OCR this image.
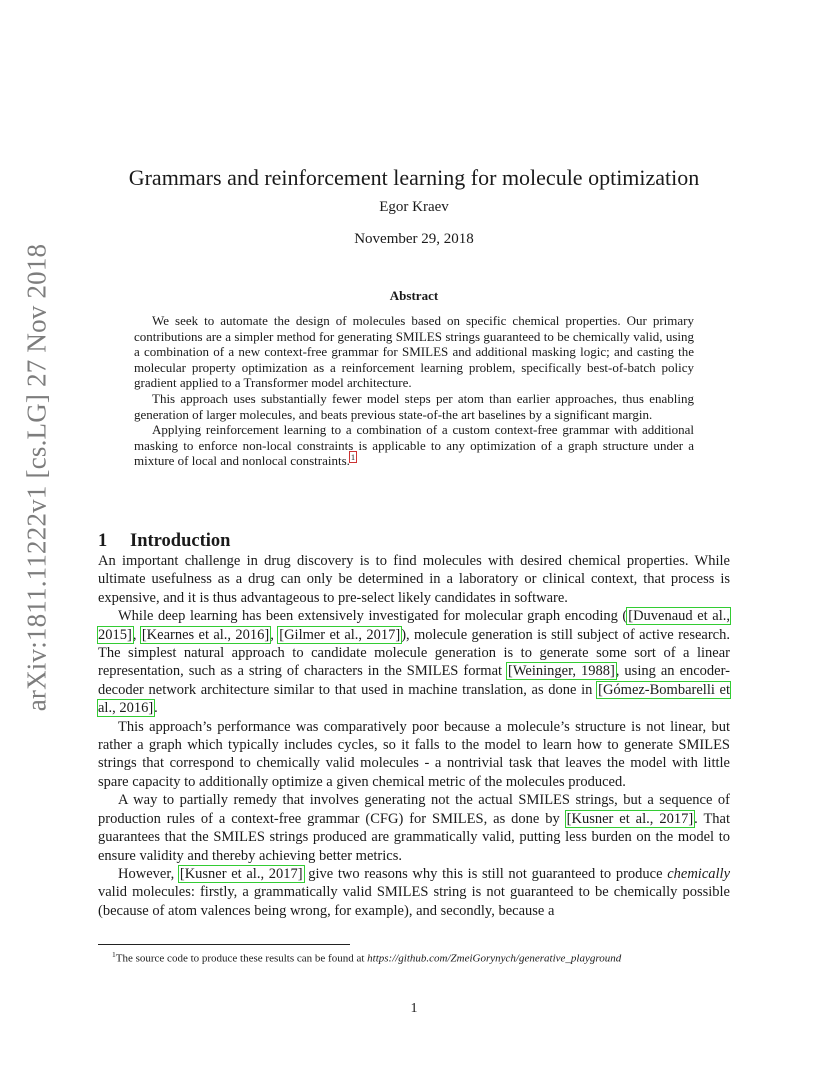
arXiv:1811.11222v1 [cs.LG] 27 Nov 2018
Grammars and reinforcement learning for molecule optimization
Egor Kraev
November 29, 2018
Abstract

We seek to automate the design of molecules based on specific chemical properties. Our primary contributions are a simpler method for generating SMILES strings guaranteed to be chemically valid, using a combination of a new context-free grammar for SMILES and additional masking logic; and casting the molecular property optimization as a reinforcement learning problem, specifically best-of-batch policy gradient applied to a Transformer model architecture.

This approach uses substantially fewer model steps per atom than earlier approaches, thus enabling generation of larger molecules, and beats previous state-of-the art baselines by a significant margin.

Applying reinforcement learning to a combination of a custom context-free grammar with additional masking to enforce non-local constraints is applicable to any optimization of a graph structure under a mixture of local and nonlocal constraints.$^1$

1 Introduction

An important challenge in drug discovery is to find molecules with desired chemical properties. While ultimate usefulness as a drug can only be determined in a laboratory or clinical context, that process is expensive, and it is thus advantageous to pre-select likely candidates in software.

While deep learning has been extensively investigated for molecular graph encoding ([Duvenaud et al., 2015], [Kearnes et al., 2016], [Gilmer et al., 2017]), molecule generation is still subject of active research. The simplest natural approach to candidate molecule generation is to generate some sort of a linear representation, such as a string of characters in the SMILES format [Weininger, 1988], using an encoder-decoder network architecture similar to that used in machine translation, as done in [Gómez-Bombarelli et al., 2016].

This approach’s performance was comparatively poor because a molecule’s structure is not linear, but rather a graph which typically includes cycles, so it falls to the model to learn how to generate SMILES strings that correspond to chemically valid molecules - a nontrivial task that leaves the model with little spare capacity to additionally optimize a given chemical metric of the molecules produced.

A way to partially remedy that involves generating not the actual SMILES strings, but a sequence of production rules of a context-free grammar (CFG) for SMILES, as done by [Kusner et al., 2017]. That guarantees that the SMILES strings produced are grammatically valid, putting less burden on the model to ensure validity and thereby achieving better metrics.

However, [Kusner et al., 2017] give two reasons why this is still not guaranteed to produce chemically valid molecules: firstly, a grammatically valid SMILES string is not guaranteed to be chemically possible (because of atom valences being wrong, for example), and secondly, because a

$^1$The source code to produce these results can be found at https://github.com/ZmeiGorynych/generative_playground
1
